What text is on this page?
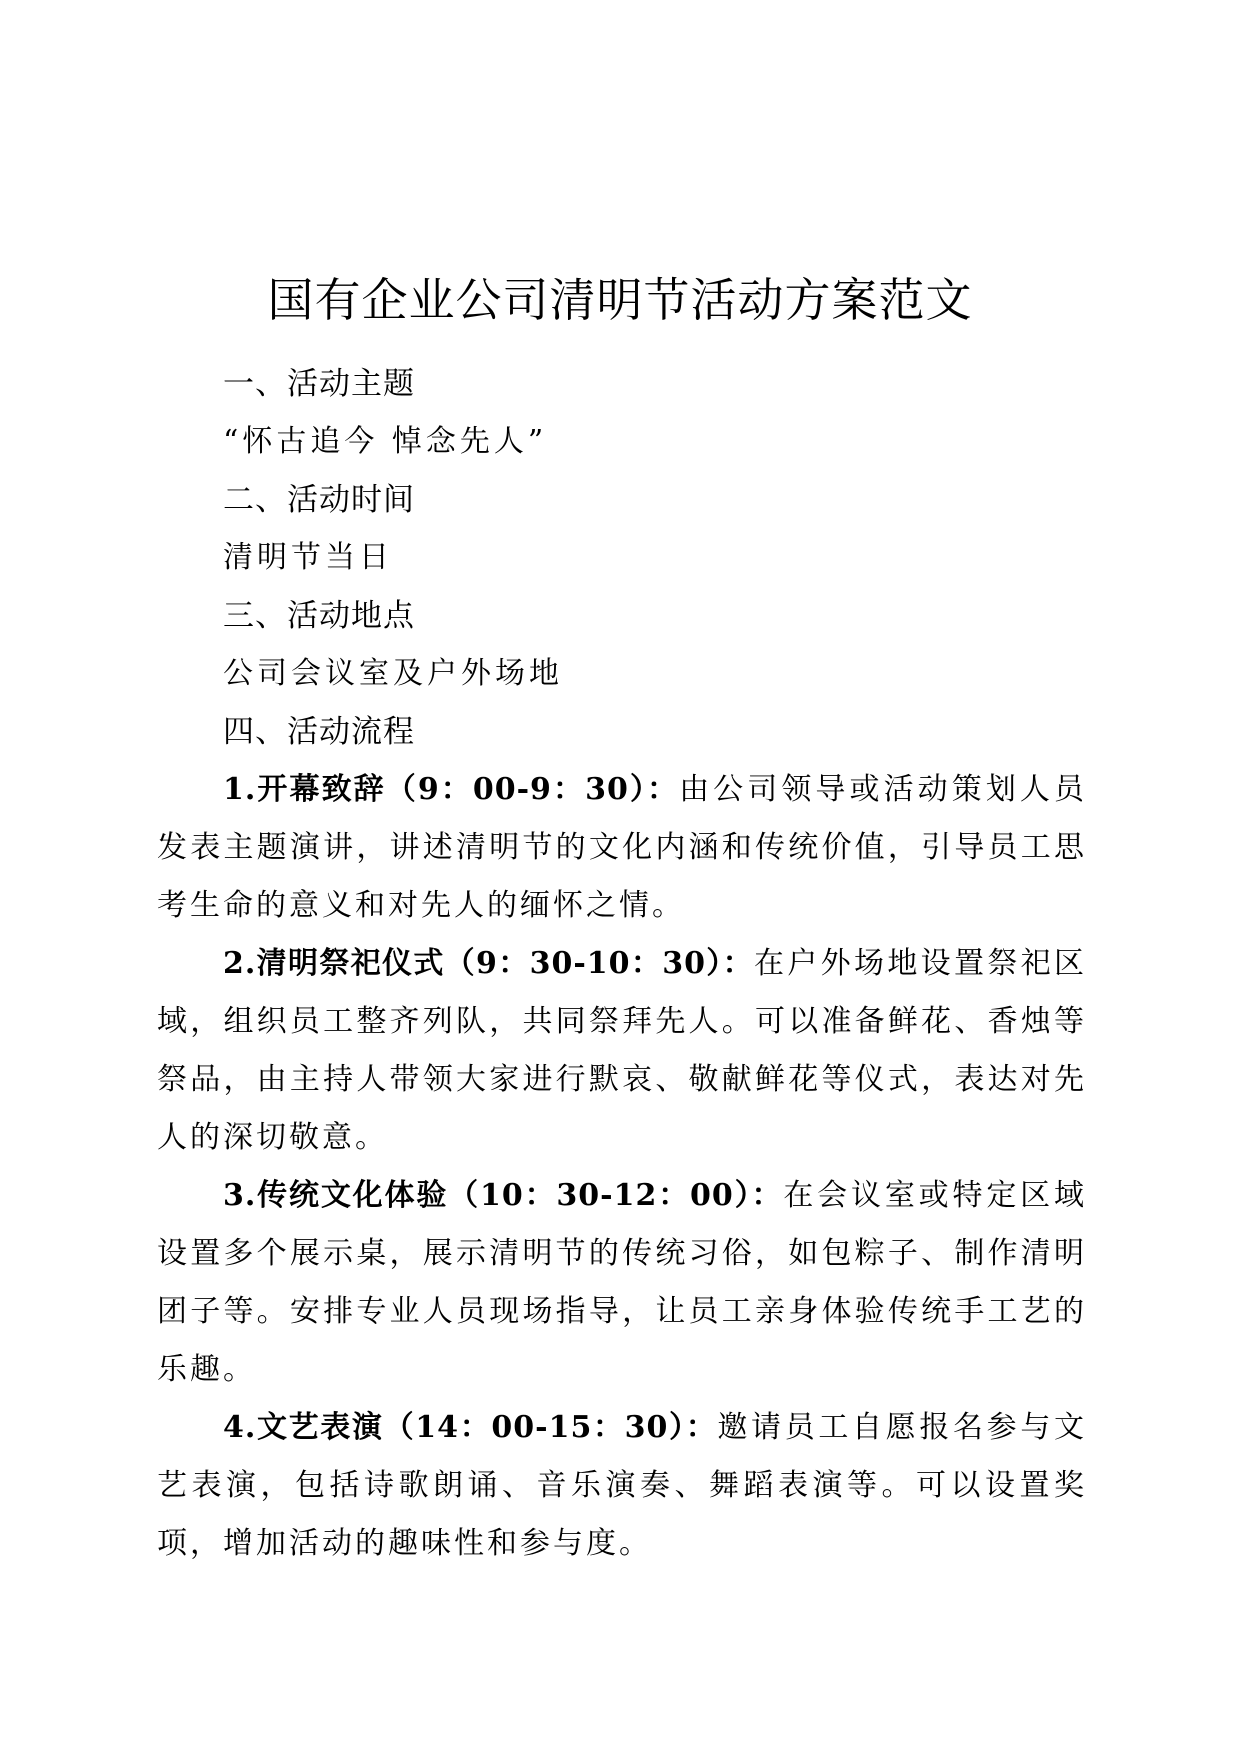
国有企业公司清明节活动方案范文
一、活动主题
“怀古追今 悼念先人”
二、活动时间
清明节当日
三、活动地点
公司会议室及户外场地
四、活动流程

1.开幕致辞（9：00-9：30）：由公司领导或活动策划人员发表主题演讲，讲述清明节的文化内涵和传统价值，引导员工思考生命的意义和对先人的缅怀之情。

2.清明祭祀仪式（9：30-10：30）：在户外场地设置祭祀区域，组织员工整齐列队，共同祭拜先人。可以准备鲜花、香烛等祭品，由主持人带领大家进行默哀、敬献鲜花等仪式，表达对先人的深切敬意。

3.传统文化体验（10：30-12：00）：在会议室或特定区域设置多个展示桌，展示清明节的传统习俗，如包粽子、制作清明团子等。安排专业人员现场指导，让员工亲身体验传统手工艺的乐趣。

4.文艺表演（14：00-15：30）：邀请员工自愿报名参与文艺表演，包括诗歌朗诵、音乐演奏、舞蹈表演等。可以设置奖项，增加活动的趣味性和参与度。
